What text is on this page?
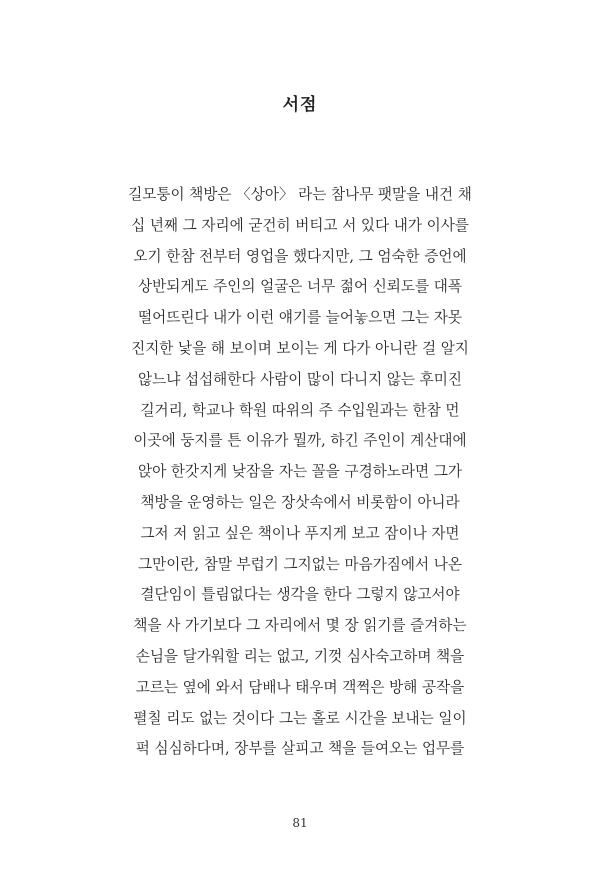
서점
길모퉁이 책방은 〈상아〉 라는 참나무 팻말을 내건 채
십 년째 그 자리에 굳건히 버티고 서 있다 내가 이사를
오기 한참 전부터 영업을 했다지만, 그 엄숙한 증언에
상반되게도 주인의 얼굴은 너무 젊어 신뢰도를 대폭
떨어뜨린다 내가 이런 얘기를 늘어놓으면 그는 자못
진지한 낯을 해 보이며 보이는 게 다가 아니란 걸 알지
않느냐 섭섭해한다 사람이 많이 다니지 않는 후미진
길거리, 학교나 학원 따위의 주 수입원과는 한참 먼
이곳에 둥지를 튼 이유가 뭘까, 하긴 주인이 계산대에
앉아 한갓지게 낮잠을 자는 꼴을 구경하노라면 그가
책방을 운영하는 일은 장삿속에서 비롯함이 아니라
그저 저 읽고 싶은 책이나 푸지게 보고 잠이나 자면
그만이란, 참말 부럽기 그지없는 마음가짐에서 나온
결단임이 틀림없다는 생각을 한다 그렇지 않고서야
책을 사 가기보다 그 자리에서 몇 장 읽기를 즐겨하는
손님을 달가워할 리는 없고, 기껏 심사숙고하며 책을
고르는 옆에 와서 담배나 태우며 객쩍은 방해 공작을
펼칠 리도 없는 것이다 그는 홀로 시간을 보내는 일이
퍽 심심하다며, 장부를 살피고 책을 들여오는 업무를
81
